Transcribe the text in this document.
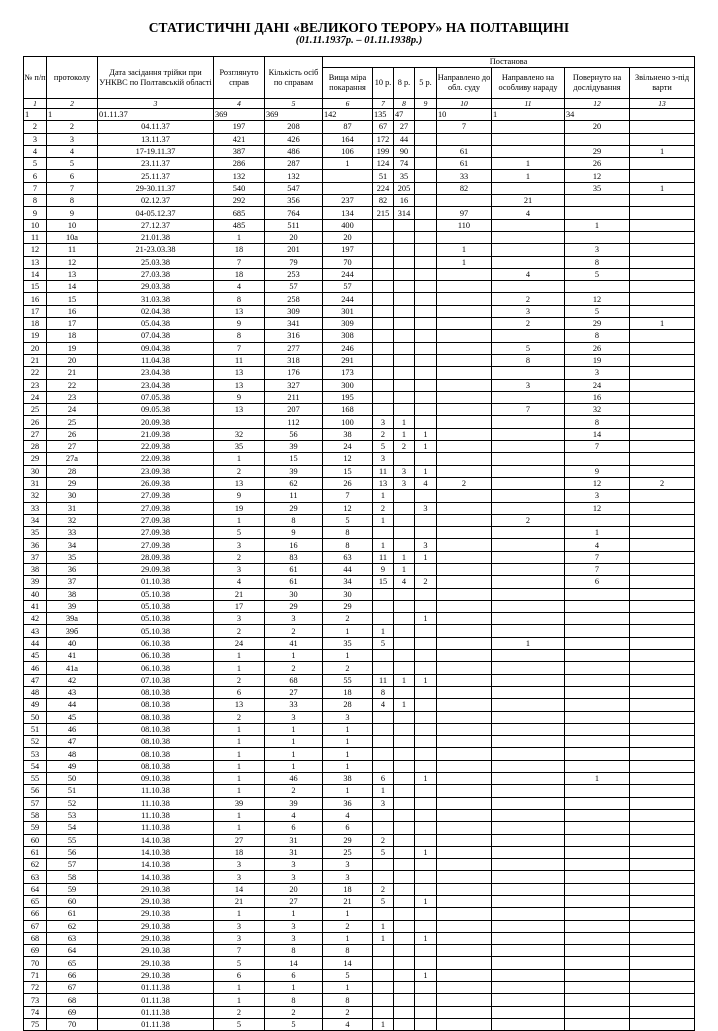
СТАТИСТИЧНІ ДАНІ «ВЕЛИКОГО ТЕРОРУ» НА ПОЛТАВЩИНІ
(01.11.1937р. – 01.11.1938р.)
№ п/п	протоколу	Дата засідання трійки при УНКВС по Полтавській області	Розглянуто справ	Кількість осіб по справам	Постанова							
					Вища міра покарання	10 р.	8 р.	5 р.	Направлено до обл. суду	Направлено на особливу нараду	Повернуто на дослідування	Звільнено з-під варти
1	2	3	4	5	6	7	8	9	10	11	12	13
1	1	01.11.37	369	369	142	135	47		10	1	34	
2	2	04.11.37	197	208	87	67	27		7		20	
3	3	13.11.37	421	426	164	172	44					
4	4	17-19.11.37	387	486	106	199	90		61		29	1
5	5	23.11.37	286	287	1	124	74		61	1	26	
6	6	25.11.37	132	132		51	35		33	1	12	
7	7	29-30.11.37	540	547		224	205		82		35	1
8	8	02.12.37	292	356	237	82	16			21		
9	9	04-05.12.37	685	764	134	215	314		97	4		
10	10	27.12.37	485	511	400				110		1	
11	10а	21.01.38	1	20	20							
12	11	21-23.03.38	18	201	197				1		3	
13	12	25.03.38	7	79	70				1		8	
14	13	27.03.38	18	253	244					4	5	
15	14	29.03.38	4	57	57							
16	15	31.03.38	8	258	244					2	12	
17	16	02.04.38	13	309	301					3	5	
18	17	05.04.38	9	341	309					2	29	1
19	18	07.04.38	8	316	308						8	
20	19	09.04.38	7	277	246					5	26	
21	20	11.04.38	11	318	291					8	19	
22	21	23.04.38	13	176	173						3	
23	22	23.04.38	13	327	300					3	24	
24	23	07.05.38	9	211	195						16	
25	24	09.05.38	13	207	168					7	32	
26	25	20.09.38		112	100	3	1				8	
27	26	21.09.38	32	56	38	2	1	1			14	
28	27	22.09.38	35	39	24	5	2	1			7	
29	27а	22.09.38	1	15	12	3						
30	28	23.09.38	2	39	15	11	3	1			9	
31	29	26.09.38	13	62	26	13	3	4	2		12	2
32	30	27.09.38	9	11	7	1					3	
33	31	27.09.38	19	29	12	2		3			12	
34	32	27.09.38	1	8	5	1				2		
35	33	27.09.38	5	9	8						1	
36	34	27.09.38	3	16	8	1		3			4	
37	35	28.09.38	2	83	63	11	1	1			7	
38	36	29.09.38	3	61	44	9	1				7	
39	37	01.10.38	4	61	34	15	4	2			6	
40	38	05.10.38	21	30	30							
41	39	05.10.38	17	29	29							
42	39а	05.10.38	3	3	2			1				
43	39б	05.10.38	2	2	1	1						
44	40	06.10.38	24	41	35	5				1		
45	41	06.10.38	1	1	1							
46	41а	06.10.38	1	2	2							
47	42	07.10.38	2	68	55	11	1	1				
48	43	08.10.38	6	27	18	8						
49	44	08.10.38	13	33	28	4	1					
50	45	08.10.38	2	3	3							
51	46	08.10.38	1	1	1							
52	47	08.10.38	1	1	1							
53	48	08.10.38	1	1	1							
54	49	08.10.38	1	1	1							
55	50	09.10.38	1	46	38	6		1			1	
56	51	11.10.38	1	2	1	1						
57	52	11.10.38	39	39	36	3						
58	53	11.10.38	1	4	4							
59	54	11.10.38	1	6	6							
60	55	14.10.38	27	31	29	2						
61	56	14.10.38	18	31	25	5		1				
62	57	14.10.38	3	3	3							
63	58	14.10.38	3	3	3							
64	59	29.10.38	14	20	18	2						
65	60	29.10.38	21	27	21	5		1				
66	61	29.10.38	1	1	1							
67	62	29.10.38	3	3	2	1						
68	63	29.10.38	3	3	1	1		1				
69	64	29.10.38	7	8	8							
70	65	29.10.38	5	14	14							
71	66	29.10.38	6	6	5			1				
72	67	01.11.38	1	1	1							
73	68	01.11.38	1	8	8							
74	69	01.11.38	2	2	2							
75	70	01.11.38	5	5	4	1						
